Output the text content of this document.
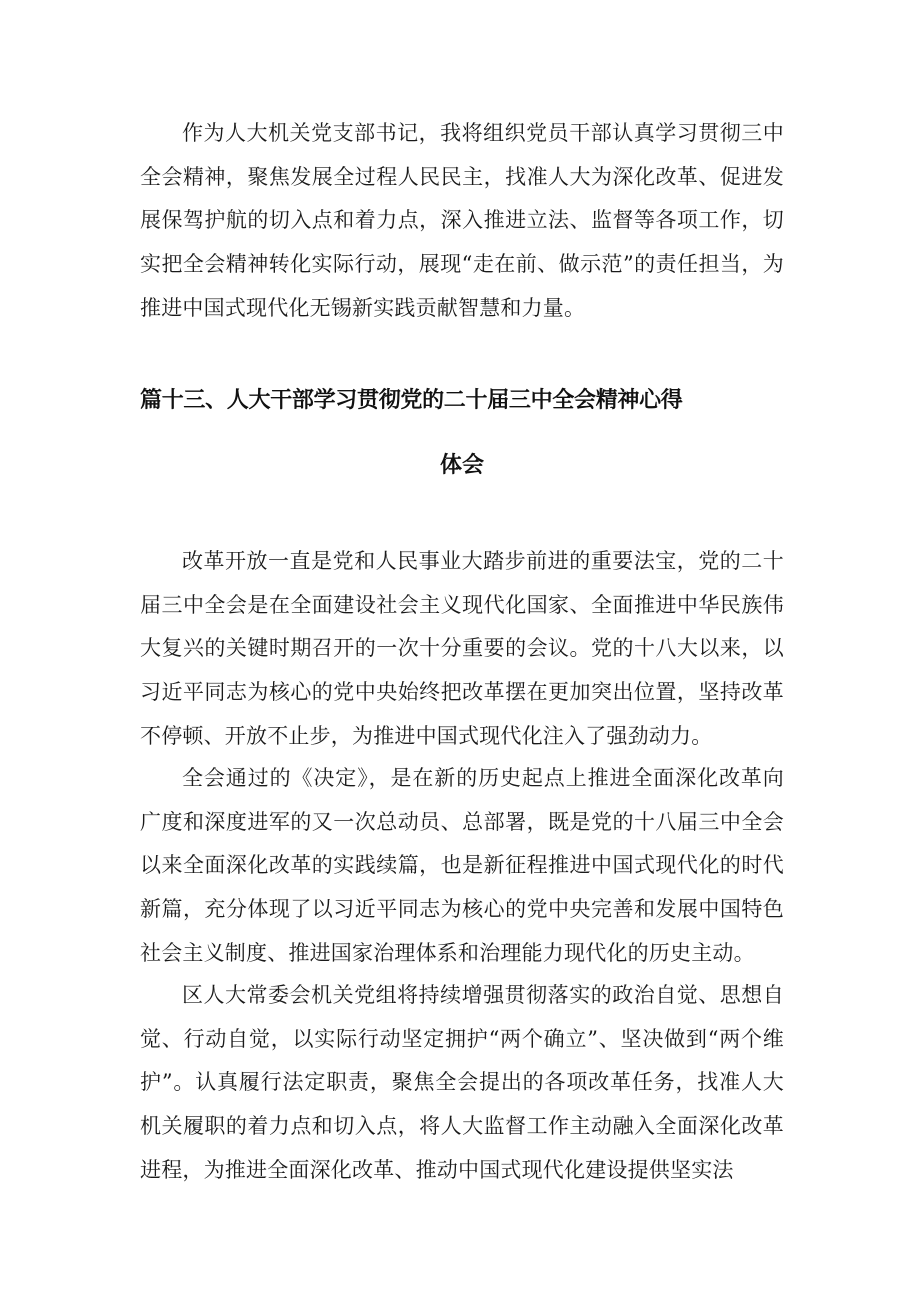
作为人大机关党支部书记，我将组织党员干部认真学习贯彻三中全会精神，聚焦发展全过程人民民主，找准人大为深化改革、促进发展保驾护航的切入点和着力点，深入推进立法、监督等各项工作，切实把全会精神转化实际行动，展现“走在前、做示范”的责任担当，为推进中国式现代化无锡新实践贡献智慧和力量。

篇十三、人大干部学习贯彻党的二十届三中全会精神心得
体会

改革开放一直是党和人民事业大踏步前进的重要法宝，党的二十届三中全会是在全面建设社会主义现代化国家、全面推进中华民族伟大复兴的关键时期召开的一次十分重要的会议。党的十八大以来，以习近平同志为核心的党中央始终把改革摆在更加突出位置，坚持改革不停顿、开放不止步，为推进中国式现代化注入了强劲动力。

全会通过的《决定》，是在新的历史起点上推进全面深化改革向广度和深度进军的又一次总动员、总部署，既是党的十八届三中全会以来全面深化改革的实践续篇，也是新征程推进中国式现代化的时代新篇，充分体现了以习近平同志为核心的党中央完善和发展中国特色社会主义制度、推进国家治理体系和治理能力现代化的历史主动。

区人大常委会机关党组将持续增强贯彻落实的政治自觉、思想自觉、行动自觉，以实际行动坚定拥护“两个确立”、坚决做到“两个维护”。认真履行法定职责，聚焦全会提出的各项改革任务，找准人大机关履职的着力点和切入点，将人大监督工作主动融入全面深化改革进程，为推进全面深化改革、推动中国式现代化建设提供坚实法
